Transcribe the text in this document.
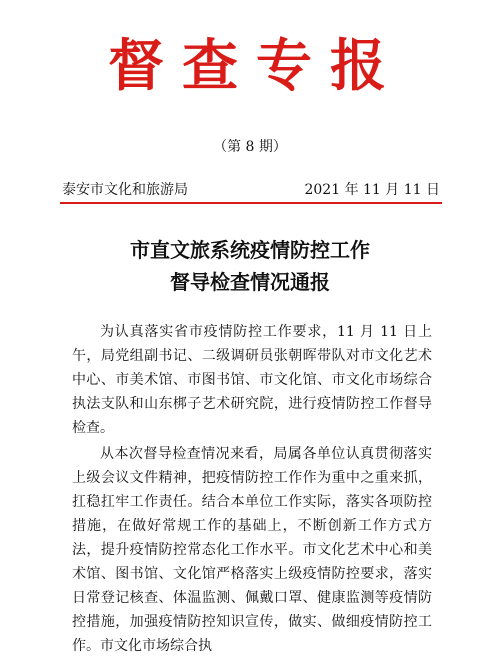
督查专报
（第 8 期）
泰安市文化和旅游局	2021 年 11 月 11 日
市直文旅系统疫情防控工作
督导检查情况通报

为认真落实省市疫情防控工作要求，11 月 11 日上午，局党组副书记、二级调研员张朝晖带队对市文化艺术中心、市美术馆、市图书馆、市文化馆、市文化市场综合执法支队和山东梆子艺术研究院，进行疫情防控工作督导检查。

从本次督导检查情况来看，局属各单位认真贯彻落实上级会议文件精神，把疫情防控工作作为重中之重来抓，扛稳扛牢工作责任。结合本单位工作实际，落实各项防控措施，在做好常规工作的基础上，不断创新工作方式方法，提升疫情防控常态化工作水平。市文化艺术中心和美术馆、图书馆、文化馆严格落实上级疫情防控要求，落实日常登记核查、体温监测、佩戴口罩、健康监测等疫情防控措施，加强疫情防控知识宣传，做实、做细疫情防控工作。市文化市场综合执
